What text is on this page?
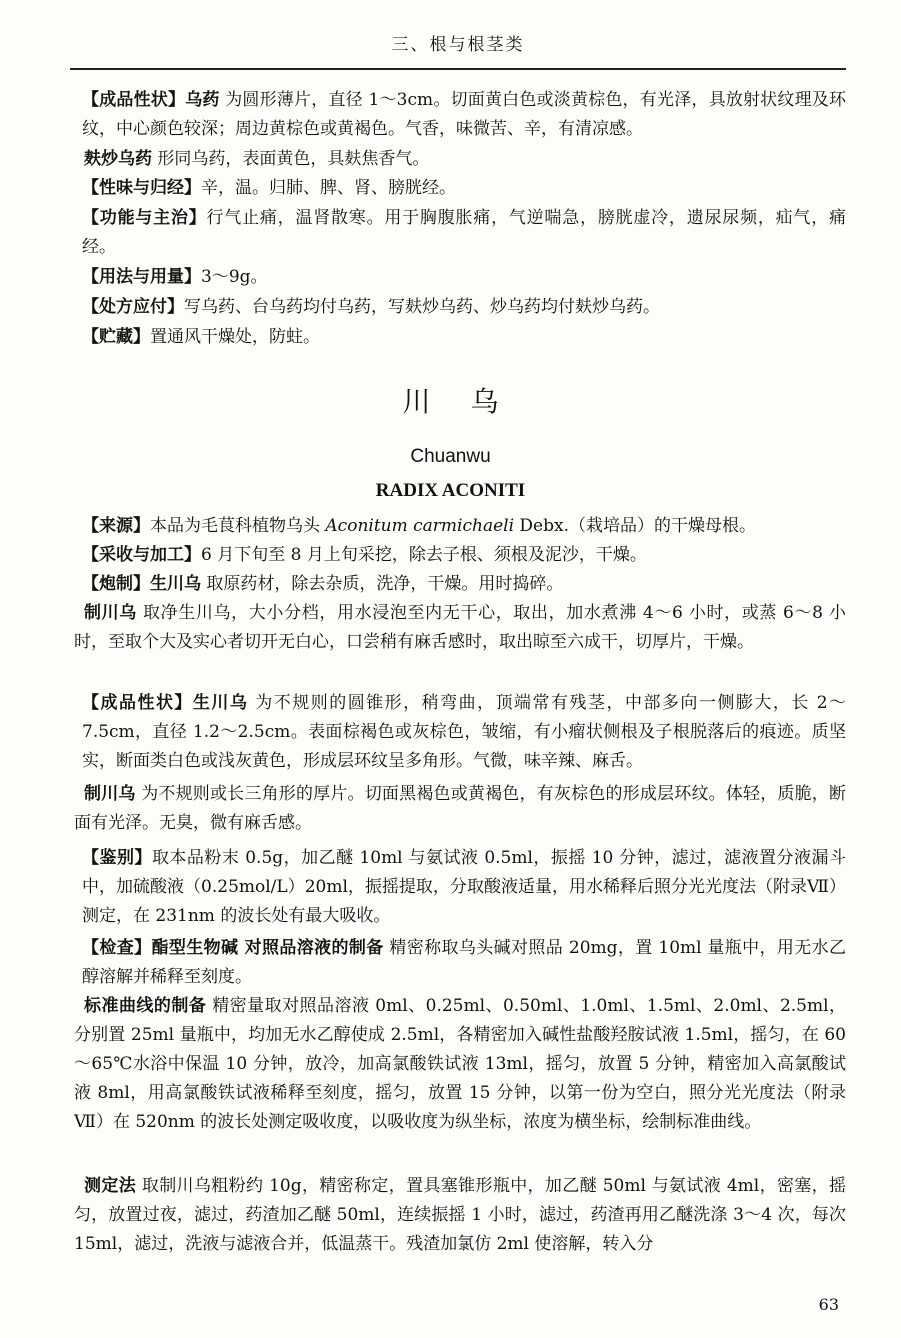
三、根与根茎类

【成品性状】乌药 为圆形薄片，直径 1～3cm。切面黄白色或淡黄棕色，有光泽，具放射状纹理及环纹，中心颜色较深；周边黄棕色或黄褐色。气香，味微苦、辛，有清凉感。

麸炒乌药 形同乌药，表面黄色，具麸焦香气。

【性味与归经】辛，温。归肺、脾、肾、膀胱经。

【功能与主治】行气止痛，温肾散寒。用于胸腹胀痛，气逆喘急，膀胱虚冷，遗尿尿频，疝气，痛经。

【用法与用量】3～9g。

【处方应付】写乌药、台乌药均付乌药，写麸炒乌药、炒乌药均付麸炒乌药。

【贮藏】置通风干燥处，防蛀。

川乌
Chuanwu
RADIX ACONITI

【来源】本品为毛茛科植物乌头 Aconitum carmichaeli Debx.（栽培品）的干燥母根。

【采收与加工】6 月下旬至 8 月上旬采挖，除去子根、须根及泥沙，干燥。

【炮制】生川乌 取原药材，除去杂质，洗净，干燥。用时捣碎。

制川乌 取净生川乌，大小分档，用水浸泡至内无干心，取出，加水煮沸 4～6 小时，或蒸 6～8 小时，至取个大及实心者切开无白心，口尝稍有麻舌感时，取出晾至六成干，切厚片，干燥。

【成品性状】生川乌 为不规则的圆锥形，稍弯曲，顶端常有残茎，中部多向一侧膨大，长 2～7.5cm，直径 1.2～2.5cm。表面棕褐色或灰棕色，皱缩，有小瘤状侧根及子根脱落后的痕迹。质坚实，断面类白色或浅灰黄色，形成层环纹呈多角形。气微，味辛辣、麻舌。

制川乌 为不规则或长三角形的厚片。切面黑褐色或黄褐色，有灰棕色的形成层环纹。体轻，质脆，断面有光泽。无臭，微有麻舌感。

【鉴别】取本品粉末 0.5g，加乙醚 10ml 与氨试液 0.5ml，振摇 10 分钟，滤过，滤液置分液漏斗中，加硫酸液（0.25mol/L）20ml，振摇提取，分取酸液适量，用水稀释后照分光光度法（附录Ⅶ）测定，在 231nm 的波长处有最大吸收。

【检查】酯型生物碱 对照品溶液的制备 精密称取乌头碱对照品 20mg，置 10ml 量瓶中，用无水乙醇溶解并稀释至刻度。

标准曲线的制备 精密量取对照品溶液 0ml、0.25ml、0.50ml、1.0ml、1.5ml、2.0ml、2.5ml，分别置 25ml 量瓶中，均加无水乙醇使成 2.5ml，各精密加入碱性盐酸羟胺试液 1.5ml，摇匀，在 60～65℃水浴中保温 10 分钟，放冷，加高氯酸铁试液 13ml，摇匀，放置 5 分钟，精密加入高氯酸试液 8ml，用高氯酸铁试液稀释至刻度，摇匀，放置 15 分钟，以第一份为空白，照分光光度法（附录Ⅶ）在 520nm 的波长处测定吸收度，以吸收度为纵坐标，浓度为横坐标，绘制标准曲线。

测定法 取制川乌粗粉约 10g，精密称定，置具塞锥形瓶中，加乙醚 50ml 与氨试液 4ml，密塞，摇匀，放置过夜，滤过，药渣加乙醚 50ml，连续振摇 1 小时，滤过，药渣再用乙醚洗涤 3～4 次，每次 15ml，滤过，洗液与滤液合并，低温蒸干。残渣加氯仿 2ml 使溶解，转入分

63
